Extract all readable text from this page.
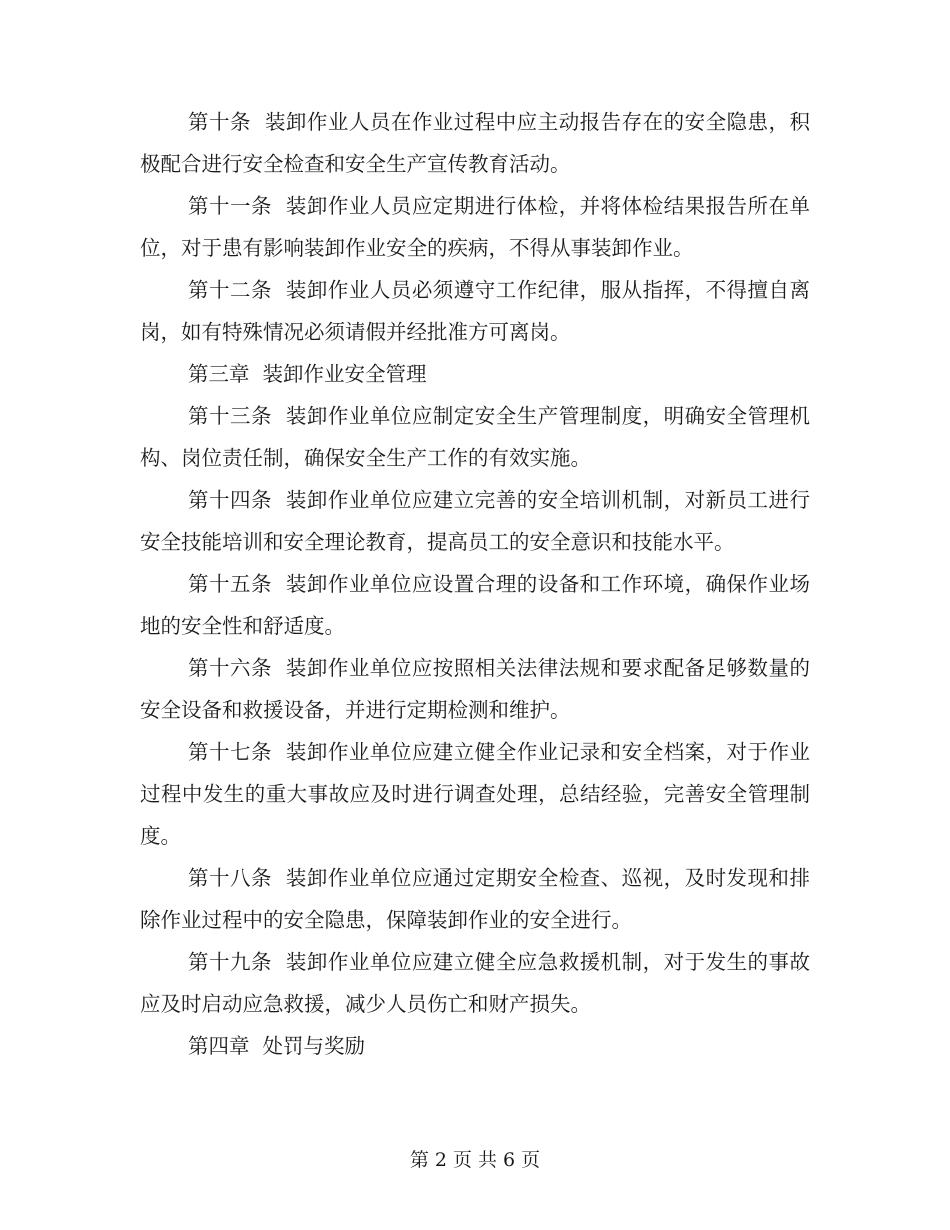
第十条  装卸作业人员在作业过程中应主动报告存在的安全隐患，积极配合进行安全检查和安全生产宣传教育活动。

第十一条  装卸作业人员应定期进行体检，并将体检结果报告所在单位，对于患有影响装卸作业安全的疾病，不得从事装卸作业。

第十二条  装卸作业人员必须遵守工作纪律，服从指挥，不得擅自离岗，如有特殊情况必须请假并经批准方可离岗。

第三章  装卸作业安全管理

第十三条  装卸作业单位应制定安全生产管理制度，明确安全管理机构、岗位责任制，确保安全生产工作的有效实施。

第十四条  装卸作业单位应建立完善的安全培训机制，对新员工进行安全技能培训和安全理论教育，提高员工的安全意识和技能水平。

第十五条  装卸作业单位应设置合理的设备和工作环境，确保作业场地的安全性和舒适度。

第十六条  装卸作业单位应按照相关法律法规和要求配备足够数量的安全设备和救援设备，并进行定期检测和维护。

第十七条  装卸作业单位应建立健全作业记录和安全档案，对于作业过程中发生的重大事故应及时进行调查处理，总结经验，完善安全管理制度。

第十八条  装卸作业单位应通过定期安全检查、巡视，及时发现和排除作业过程中的安全隐患，保障装卸作业的安全进行。

第十九条  装卸作业单位应建立健全应急救援机制，对于发生的事故应及时启动应急救援，减少人员伤亡和财产损失。

第四章  处罚与奖励

第 2 页 共 6 页
